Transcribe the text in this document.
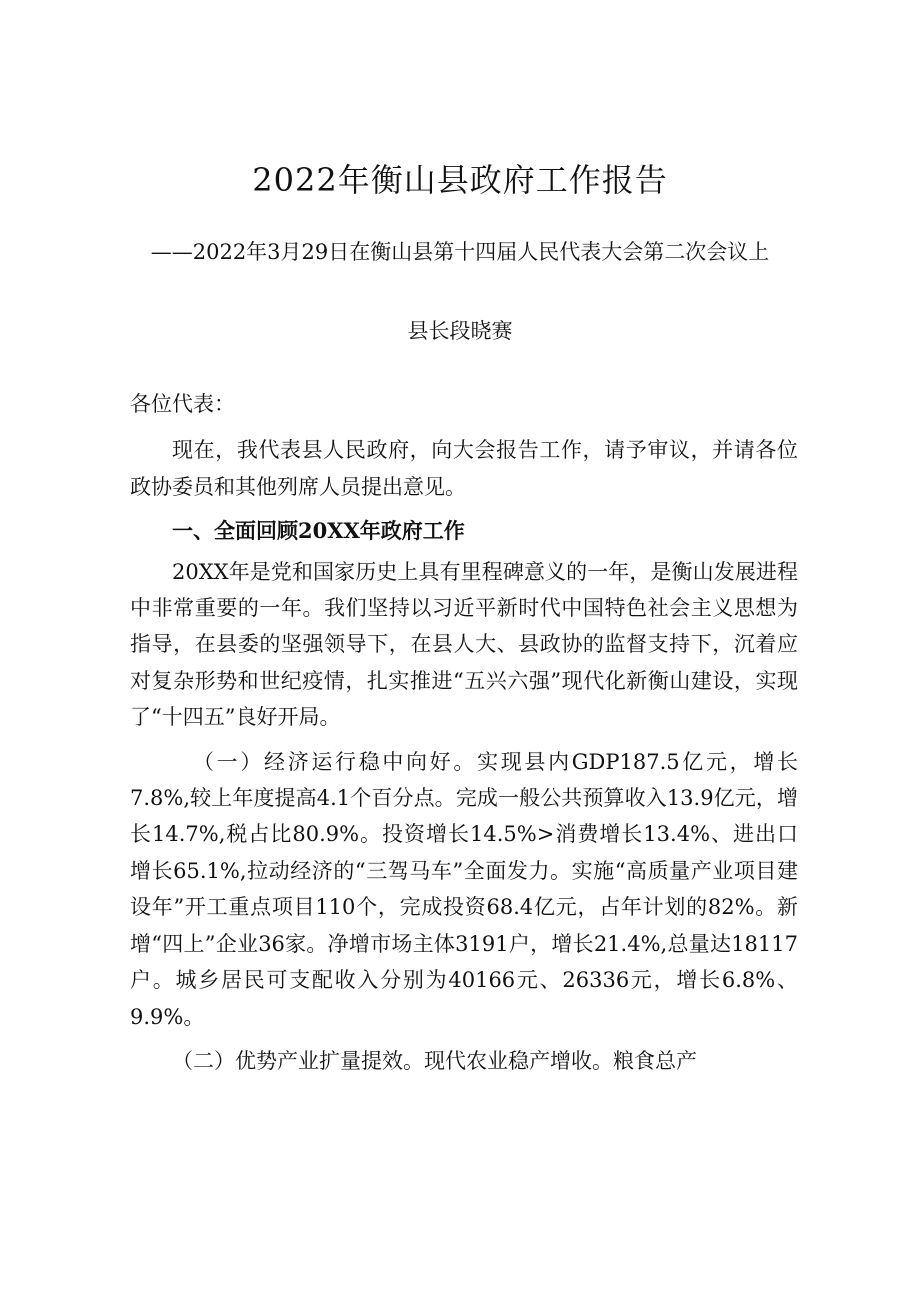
2022年衡山县政府工作报告
——2022年3月29日在衡山县第十四届人民代表大会第二次会议上
县长段晓赛

各位代表：

现在，我代表县人民政府，向大会报告工作，请予审议，并请各位政协委员和其他列席人员提出意见。

一、全面回顾20XX年政府工作

20XX年是党和国家历史上具有里程碑意义的一年，是衡山发展进程中非常重要的一年。我们坚持以习近平新时代中国特色社会主义思想为指导，在县委的坚强领导下，在县人大、县政协的监督支持下，沉着应对复杂形势和世纪疫情，扎实推进“五兴六强”现代化新衡山建设，实现了“十四五”良好开局。

（一）经济运行稳中向好。实现县内GDP187.5亿元，增长7.8%,较上年度提高4.1个百分点。完成一般公共预算收入13.9亿元，增长14.7%,税占比80.9%。投资增长14.5%>消费增长13.4%、进出口增长65.1%,拉动经济的“三驾马车”全面发力。实施“高质量产业项目建设年”开工重点项目110个，完成投资68.4亿元，占年计划的82%。新增“四上”企业36家。净增市场主体3191户，增长21.4%,总量达18117户。城乡居民可支配收入分别为40166元、26336元，增长6.8%、9.9%。

（二）优势产业扩量提效。现代农业稳产增收。粮食总产
